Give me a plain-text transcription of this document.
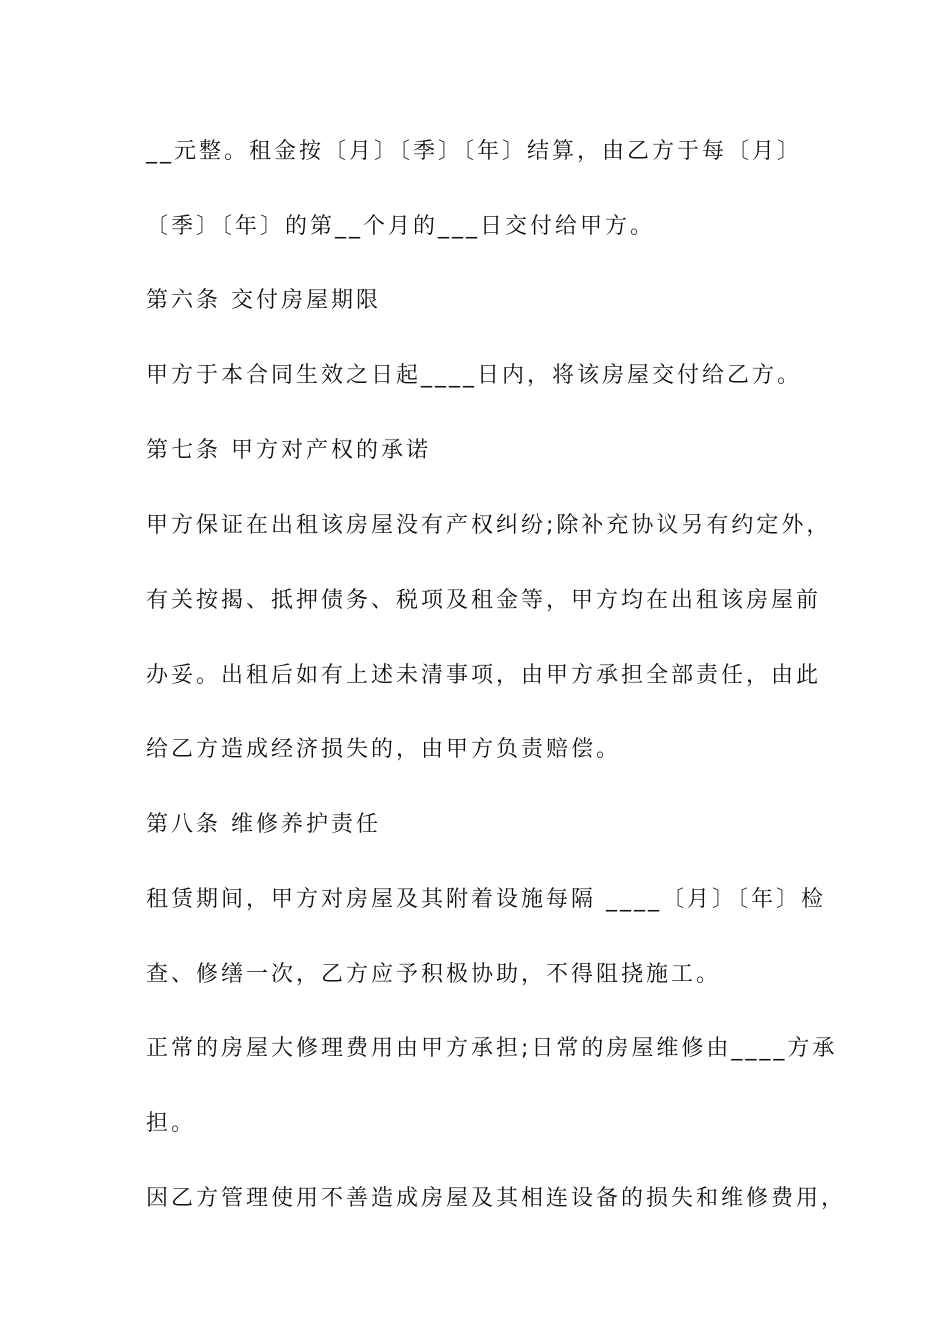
__元整。租金按〔月〕〔季〕〔年〕结算，由乙方于每〔月〕

〔季〕〔年〕的第__个月的___日交付给甲方。

第六条 交付房屋期限

甲方于本合同生效之日起____日内，将该房屋交付给乙方。

第七条 甲方对产权的承诺

甲方保证在出租该房屋没有产权纠纷;除补充协议另有约定外，

有关按揭、抵押债务、税项及租金等，甲方均在出租该房屋前

办妥。出租后如有上述未清事项，由甲方承担全部责任，由此

给乙方造成经济损失的，由甲方负责赔偿。

第八条 维修养护责任

租赁期间，甲方对房屋及其附着设施每隔 ____〔月〕〔年〕检

查、修缮一次，乙方应予积极协助，不得阻挠施工。

正常的房屋大修理费用由甲方承担;日常的房屋维修由____方承

担。

因乙方管理使用不善造成房屋及其相连设备的损失和维修费用，
